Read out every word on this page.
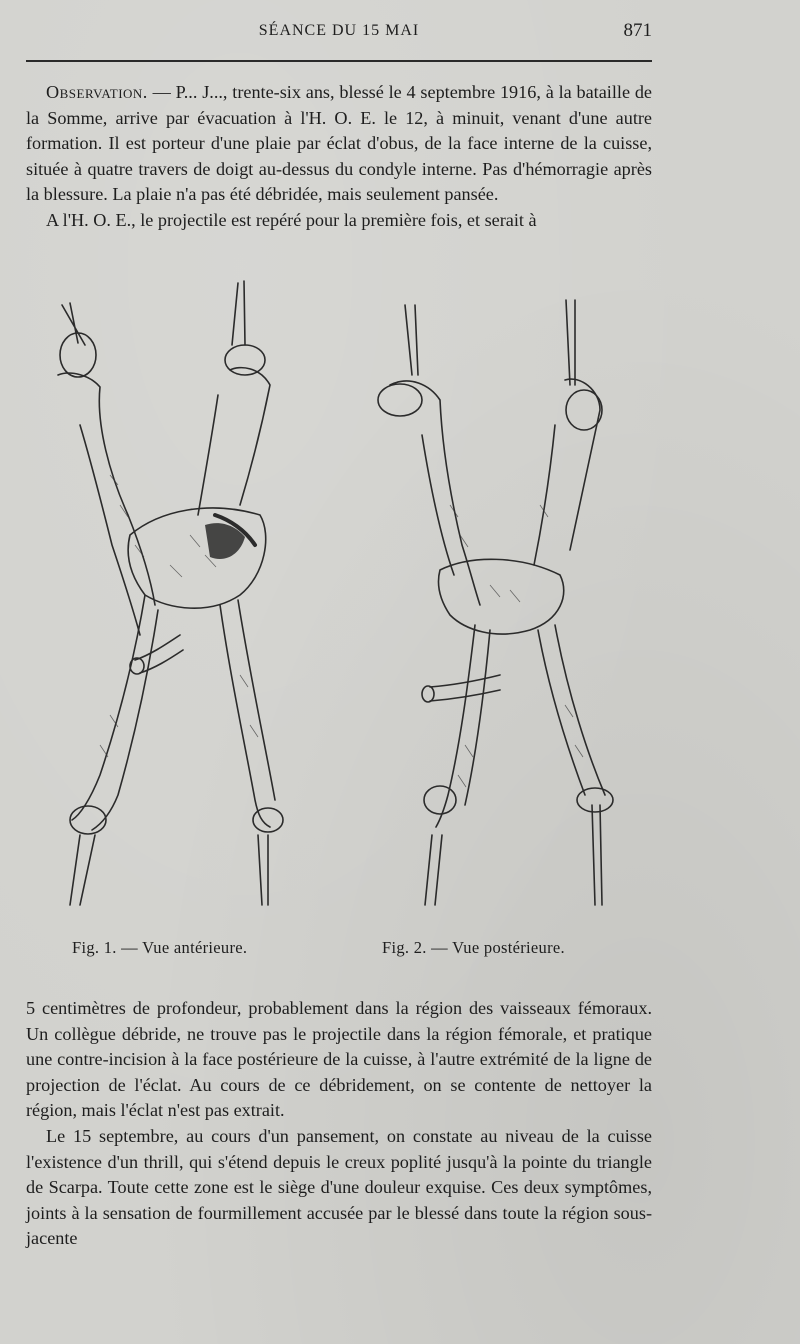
SÉANCE DU 15 MAI	871

Observation. — P... J..., trente-six ans, blessé le 4 septembre 1916, à la bataille de la Somme, arrive par évacuation à l'H. O. E. le 12, à minuit, venant d'une autre formation. Il est porteur d'une plaie par éclat d'obus, de la face interne de la cuisse, située à quatre travers de doigt au-dessus du condyle interne. Pas d'hémorragie après la blessure. La plaie n'a pas été débridée, mais seulement pansée.

A l'H. O. E., le projectile est repéré pour la première fois, et serait à

Fig. 1. — Vue antérieure.	Fig. 2. — Vue postérieure.

5 centimètres de profondeur, probablement dans la région des vaisseaux fémoraux. Un collègue débride, ne trouve pas le projectile dans la région fémorale, et pratique une contre-incision à la face postérieure de la cuisse, à l'autre extrémité de la ligne de projection de l'éclat. Au cours de ce débridement, on se contente de nettoyer la région, mais l'éclat n'est pas extrait.

Le 15 septembre, au cours d'un pansement, on constate au niveau de la cuisse l'existence d'un thrill, qui s'étend depuis le creux poplité jusqu'à la pointe du triangle de Scarpa. Toute cette zone est le siège d'une douleur exquise. Ces deux symptômes, joints à la sensation de fourmillement accusée par le blessé dans toute la région sous-jacente
